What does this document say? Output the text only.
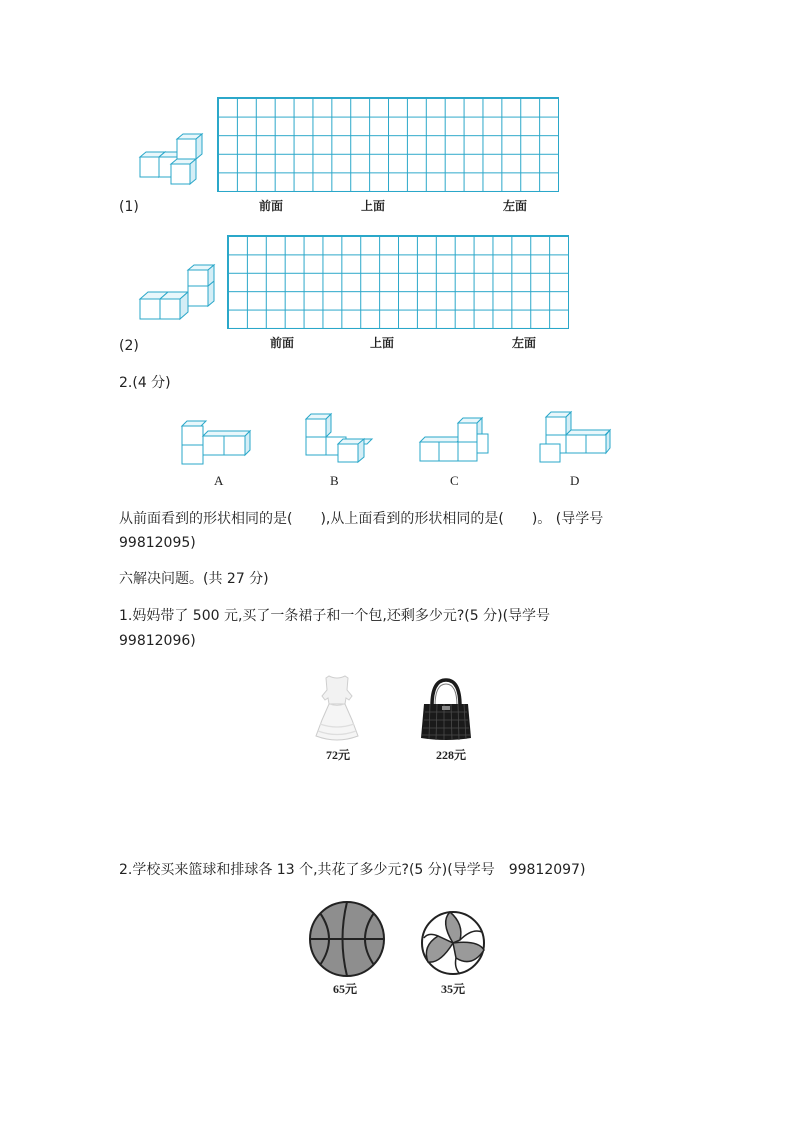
(1)	前面	上面	左面
(2)	前面	上面	左面
2.(4 分)
A	B	C	D
从前面看到的形状相同的是(　　),从上面看到的形状相同的是(　　)。 (导学号
99812095)
六解决问题。(共 27 分)
1.妈妈带了 500 元,买了一条裙子和一个包,还剩多少元?(5 分)(导学号
99812096)
72元	228元
2.学校买来篮球和排球各 13 个,共花了多少元?(5 分)(导学号　99812097)
65元	35元
